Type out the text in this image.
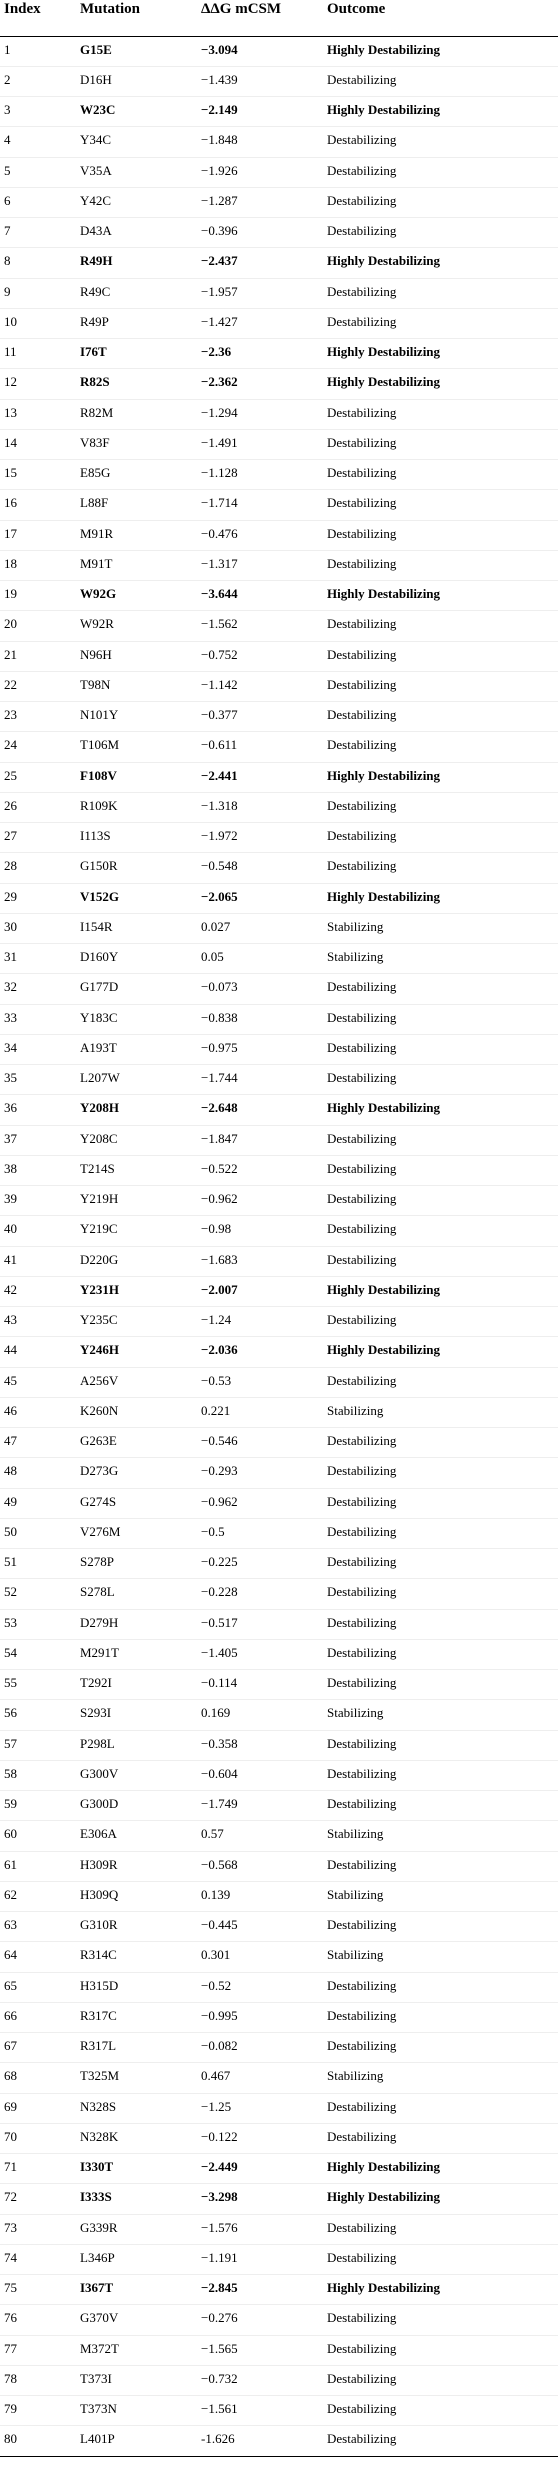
Index	Mutation	ΔΔG mCSM	Outcome
1	G15E	−3.094	Highly Destabilizing
2	D16H	−1.439	Destabilizing
3	W23C	−2.149	Highly Destabilizing
4	Y34C	−1.848	Destabilizing
5	V35A	−1.926	Destabilizing
6	Y42C	−1.287	Destabilizing
7	D43A	−0.396	Destabilizing
8	R49H	−2.437	Highly Destabilizing
9	R49C	−1.957	Destabilizing
10	R49P	−1.427	Destabilizing
11	I76T	−2.36	Highly Destabilizing
12	R82S	−2.362	Highly Destabilizing
13	R82M	−1.294	Destabilizing
14	V83F	−1.491	Destabilizing
15	E85G	−1.128	Destabilizing
16	L88F	−1.714	Destabilizing
17	M91R	−0.476	Destabilizing
18	M91T	−1.317	Destabilizing
19	W92G	−3.644	Highly Destabilizing
20	W92R	−1.562	Destabilizing
21	N96H	−0.752	Destabilizing
22	T98N	−1.142	Destabilizing
23	N101Y	−0.377	Destabilizing
24	T106M	−0.611	Destabilizing
25	F108V	−2.441	Highly Destabilizing
26	R109K	−1.318	Destabilizing
27	I113S	−1.972	Destabilizing
28	G150R	−0.548	Destabilizing
29	V152G	−2.065	Highly Destabilizing
30	I154R	0.027	Stabilizing
31	D160Y	0.05	Stabilizing
32	G177D	−0.073	Destabilizing
33	Y183C	−0.838	Destabilizing
34	A193T	−0.975	Destabilizing
35	L207W	−1.744	Destabilizing
36	Y208H	−2.648	Highly Destabilizing
37	Y208C	−1.847	Destabilizing
38	T214S	−0.522	Destabilizing
39	Y219H	−0.962	Destabilizing
40	Y219C	−0.98	Destabilizing
41	D220G	−1.683	Destabilizing
42	Y231H	−2.007	Highly Destabilizing
43	Y235C	−1.24	Destabilizing
44	Y246H	−2.036	Highly Destabilizing
45	A256V	−0.53	Destabilizing
46	K260N	0.221	Stabilizing
47	G263E	−0.546	Destabilizing
48	D273G	−0.293	Destabilizing
49	G274S	−0.962	Destabilizing
50	V276M	−0.5	Destabilizing
51	S278P	−0.225	Destabilizing
52	S278L	−0.228	Destabilizing
53	D279H	−0.517	Destabilizing
54	M291T	−1.405	Destabilizing
55	T292I	−0.114	Destabilizing
56	S293I	0.169	Stabilizing
57	P298L	−0.358	Destabilizing
58	G300V	−0.604	Destabilizing
59	G300D	−1.749	Destabilizing
60	E306A	0.57	Stabilizing
61	H309R	−0.568	Destabilizing
62	H309Q	0.139	Stabilizing
63	G310R	−0.445	Destabilizing
64	R314C	0.301	Stabilizing
65	H315D	−0.52	Destabilizing
66	R317C	−0.995	Destabilizing
67	R317L	−0.082	Destabilizing
68	T325M	0.467	Stabilizing
69	N328S	−1.25	Destabilizing
70	N328K	−0.122	Destabilizing
71	I330T	−2.449	Highly Destabilizing
72	I333S	−3.298	Highly Destabilizing
73	G339R	−1.576	Destabilizing
74	L346P	−1.191	Destabilizing
75	I367T	−2.845	Highly Destabilizing
76	G370V	−0.276	Destabilizing
77	M372T	−1.565	Destabilizing
78	T373I	−0.732	Destabilizing
79	T373N	−1.561	Destabilizing
80	L401P	-1.626	Destabilizing
